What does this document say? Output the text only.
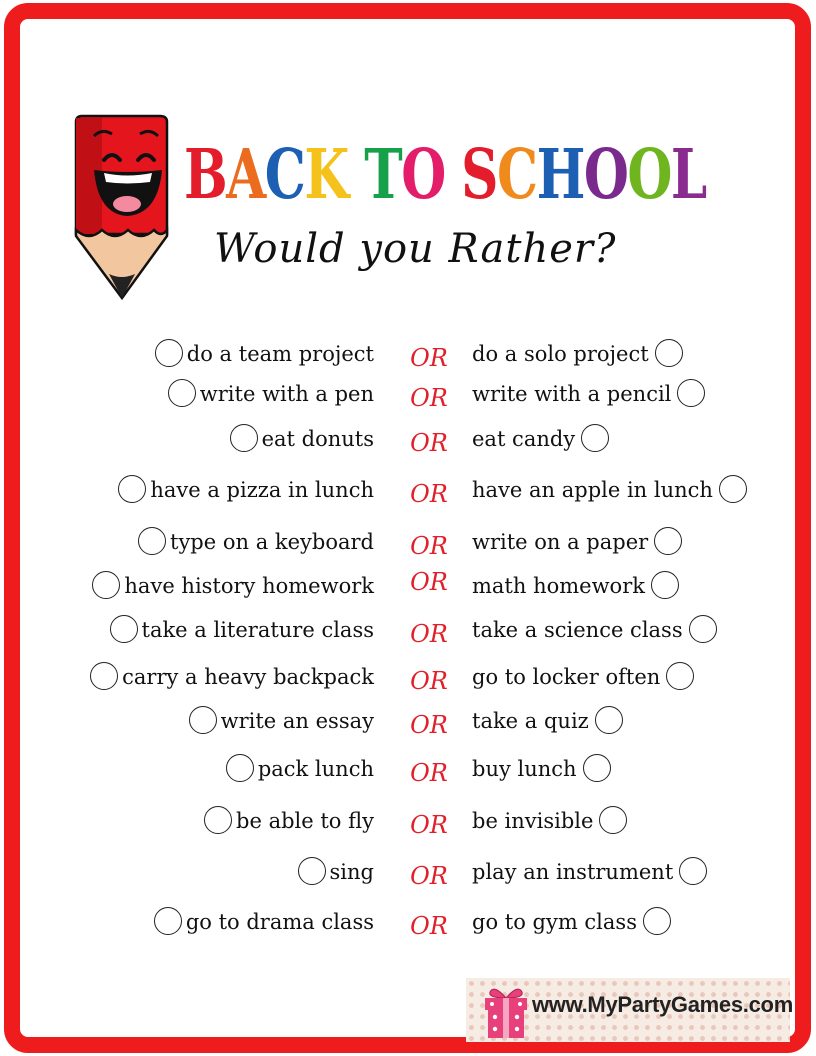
BACK TO SCHOOL
Would you Rather?
do a team project OR	do a solo project
write with a pen OR	write with a pencil
eat donuts OR	eat candy
have a pizza in lunch OR	have an apple in lunch
type on a keyboard OR	write on a paper
have history homework OR	math homework
take a literature class OR	take a science class
carry a heavy backpack OR	go to locker often
write an essay OR	take a quiz
pack lunch OR	buy lunch
be able to fly OR	be invisible
sing OR	play an instrument
go to drama class OR	go to gym class
www.MyPartyGames.com
